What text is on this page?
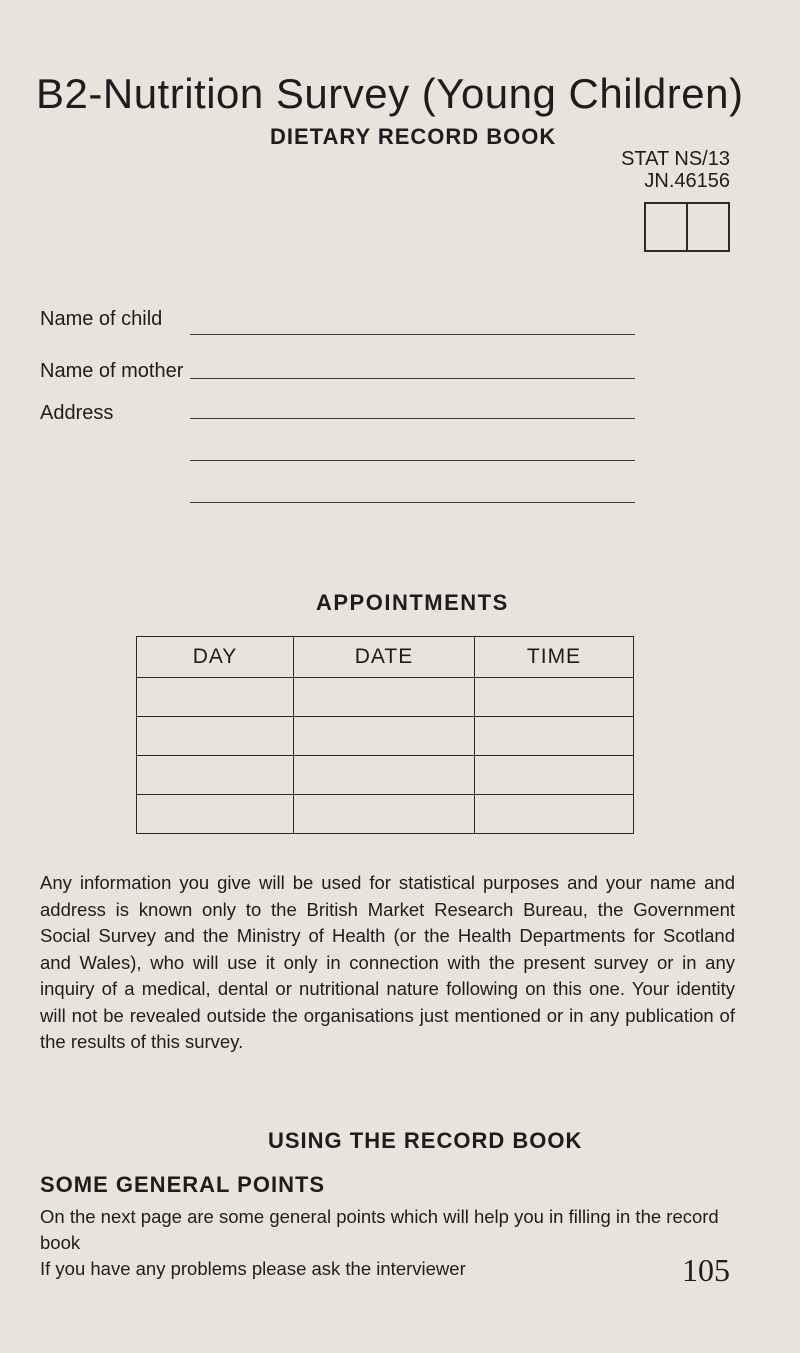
B2-Nutrition Survey (Young Children)
DIETARY RECORD BOOK
STAT NS/13
JN.46156
Name of child
Name of mother
Address
APPOINTMENTS
DAY	DATE	TIME

Any information you give will be used for statistical purposes and your name and address is known only to the British Market Research Bureau, the Government Social Survey and the Ministry of Health (or the Health Departments for Scotland and Wales), who will use it only in connection with the present survey or in any inquiry of a medical, dental or nutritional nature following on this one. Your identity will not be revealed outside the organisations just mentioned or in any publication of the results of this survey.
USING THE RECORD BOOK
SOME GENERAL POINTS
On the next page are some general points which will help you in filling in the record book
If you have any problems please ask the interviewer	105
